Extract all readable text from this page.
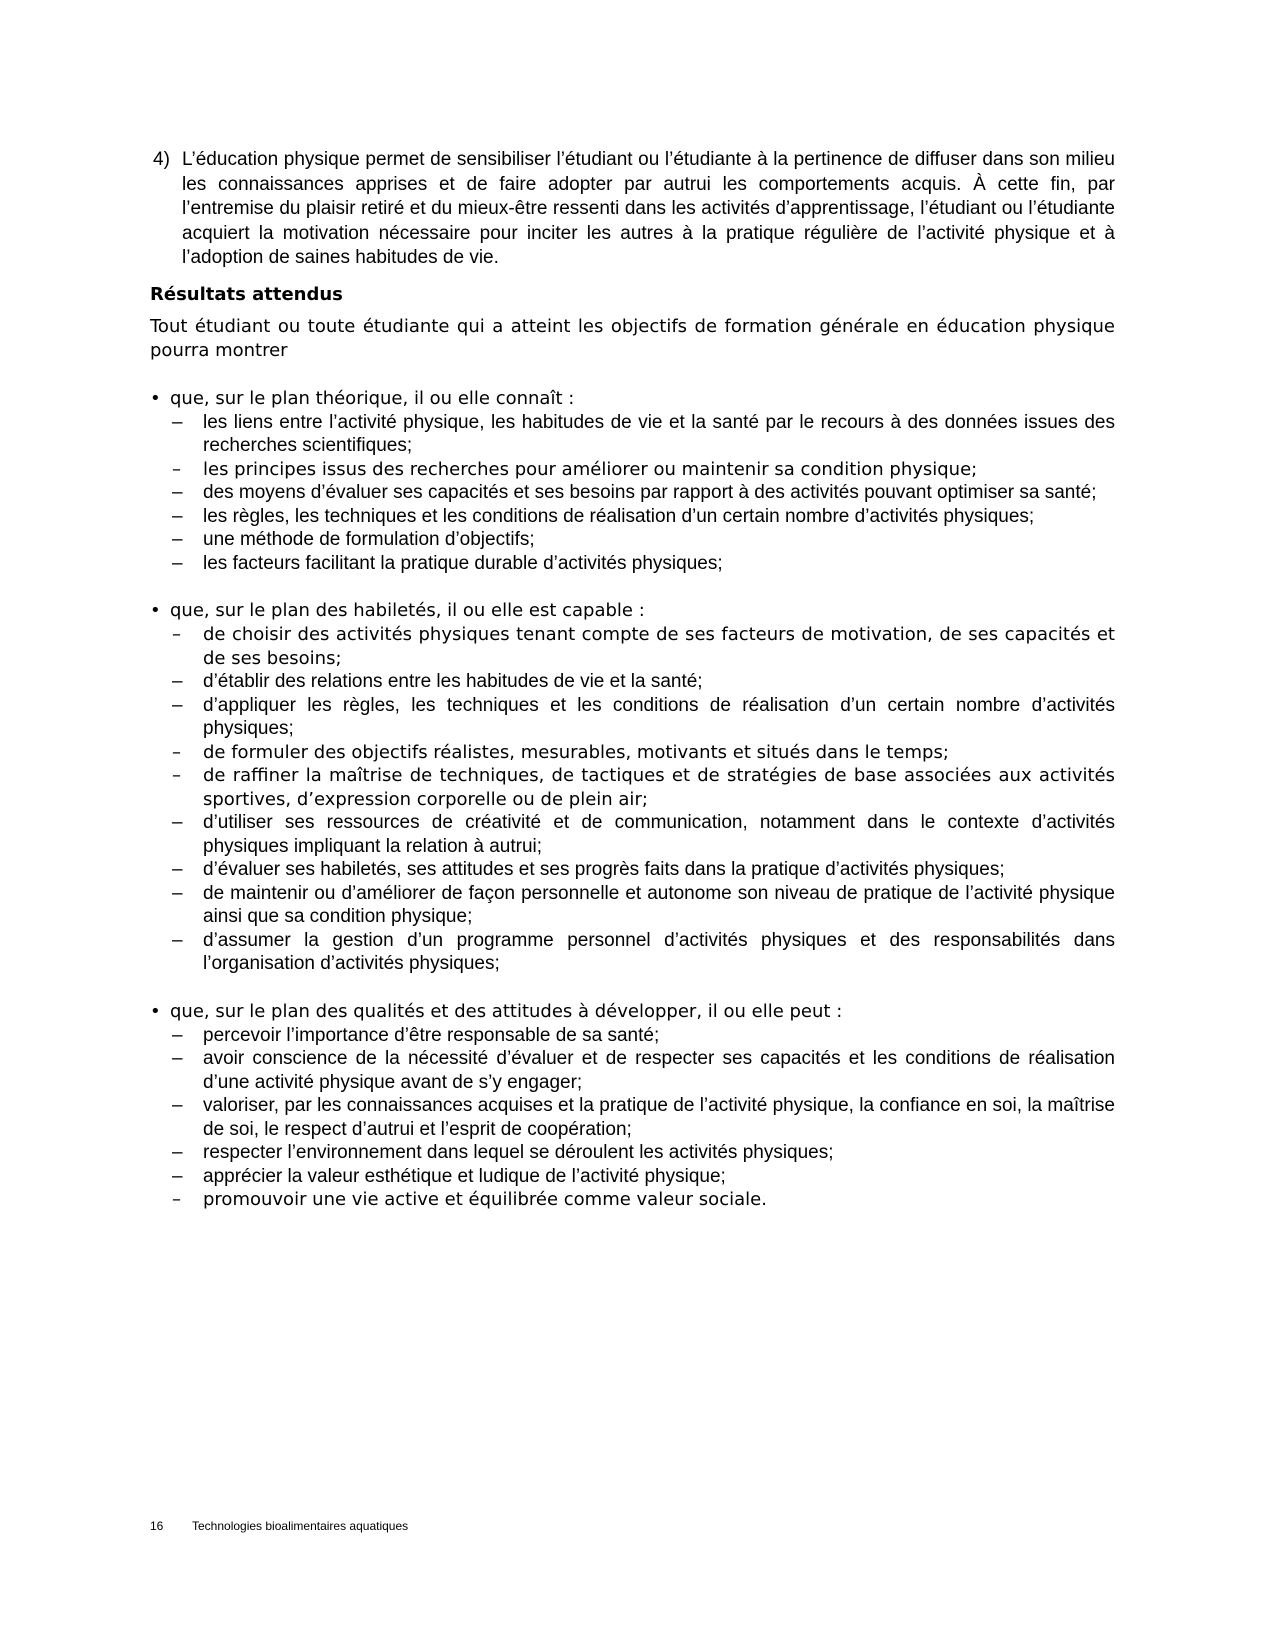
4) L’éducation physique permet de sensibiliser l’étudiant ou l’étudiante à la pertinence de diffuser dans son milieu les connaissances apprises et de faire adopter par autrui les comportements acquis. À cette fin, par l’entremise du plaisir retiré et du mieux-être ressenti dans les activités d’apprentissage, l’étudiant ou l’étudiante acquiert la motivation nécessaire pour inciter les autres à la pratique régulière de l’activité physique et à l’adoption de saines habitudes de vie.
Résultats attendus
Tout étudiant ou toute étudiante qui a atteint les objectifs de formation générale en éducation physique pourra montrer
• que, sur le plan théorique, il ou elle connaît :
– les liens entre l’activité physique, les habitudes de vie et la santé par le recours à des données issues des recherches scientifiques;
– les principes issus des recherches pour améliorer ou maintenir sa condition physique;
– des moyens d’évaluer ses capacités et ses besoins par rapport à des activités pouvant optimiser sa santé;
– les règles, les techniques et les conditions de réalisation d’un certain nombre d’activités physiques;
– une méthode de formulation d’objectifs;
– les facteurs facilitant la pratique durable d’activités physiques;
• que, sur le plan des habiletés, il ou elle est capable :
– de choisir des activités physiques tenant compte de ses facteurs de motivation, de ses capacités et de ses besoins;
– d’établir des relations entre les habitudes de vie et la santé;
– d’appliquer les règles, les techniques et les conditions de réalisation d’un certain nombre d’activités physiques;
– de formuler des objectifs réalistes, mesurables, motivants et situés dans le temps;
– de raffiner la maîtrise de techniques, de tactiques et de stratégies de base associées aux activités sportives, d’expression corporelle ou de plein air;
– d’utiliser ses ressources de créativité et de communication, notamment dans le contexte d’activités physiques impliquant la relation à autrui;
– d’évaluer ses habiletés, ses attitudes et ses progrès faits dans la pratique d’activités physiques;
– de maintenir ou d’améliorer de façon personnelle et autonome son niveau de pratique de l’activité physique ainsi que sa condition physique;
– d’assumer la gestion d’un programme personnel d’activités physiques et des responsabilités dans l’organisation d’activités physiques;
• que, sur le plan des qualités et des attitudes à développer, il ou elle peut :
– percevoir l’importance d’être responsable de sa santé;
– avoir conscience de la nécessité d’évaluer et de respecter ses capacités et les conditions de réalisation d’une activité physique avant de s’y engager;
– valoriser, par les connaissances acquises et la pratique de l’activité physique, la confiance en soi, la maîtrise de soi, le respect d’autrui et l’esprit de coopération;
– respecter l’environnement dans lequel se déroulent les activités physiques;
– apprécier la valeur esthétique et ludique de l’activité physique;
– promouvoir une vie active et équilibrée comme valeur sociale.
16 Technologies bioalimentaires aquatiques
